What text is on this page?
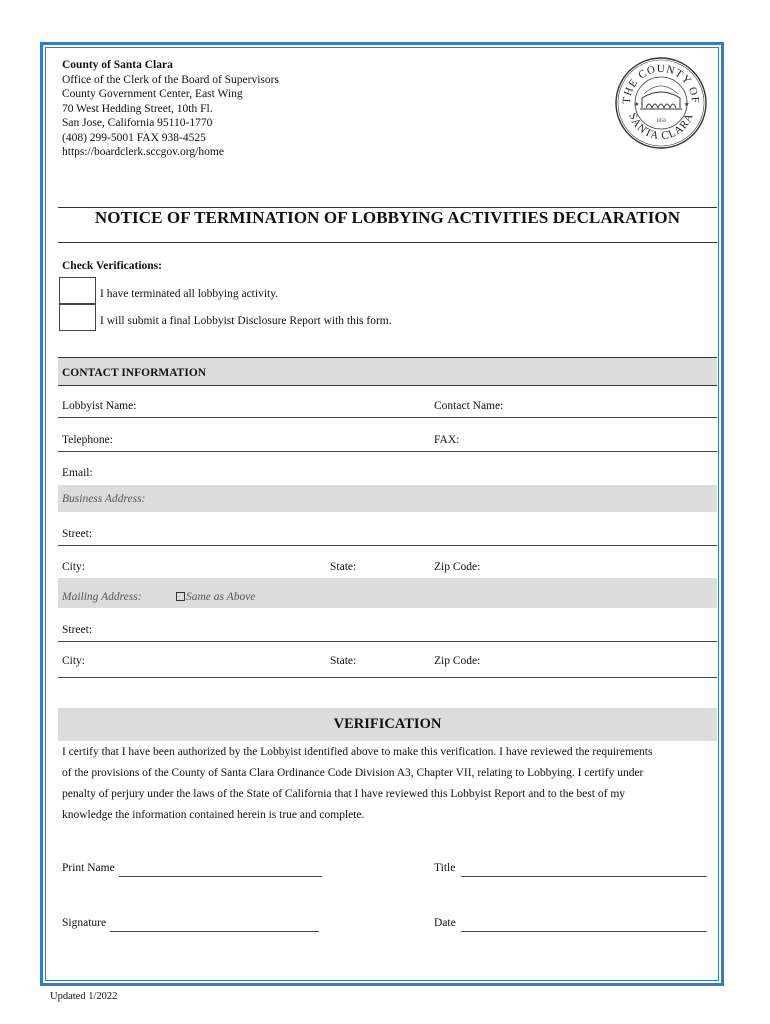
County of Santa Clara
Office of the Clerk of the Board of Supervisors
County Government Center, East Wing
70 West Hedding Street, 10th Fl.
San Jose, California 95110-1770
(408) 299-5001 FAX 938-4525
https://boardclerk.sccgov.org/home
THE COUNTY OF
SANTA CLARA
1850
★	★
NOTICE OF TERMINATION OF LOBBYING ACTIVITIES DECLARATION
Check Verifications:
I have terminated all lobbying activity.
I will submit a final Lobbyist Disclosure Report with this form.
CONTACT INFORMATION
Lobbyist Name:	Contact Name:
Telephone:	FAX:
Email:
Business Address:
Street:
City:	State:	Zip Code:
Mailing Address:	Same as Above
Street:
City:	State:	Zip Code:
VERIFICATION
I certify that I have been authorized by the Lobbyist identified above to make this verification. I have reviewed the requirements
of the provisions of the County of Santa Clara Ordinance Code Division A3, Chapter VII, relating to Lobbying. I certify under
penalty of perjury under the laws of the State of California that I have reviewed this Lobbyist Report and to the best of my
knowledge the information contained herein is true and complete.
Print Name	Title
Signature	Date
Updated 1/2022
